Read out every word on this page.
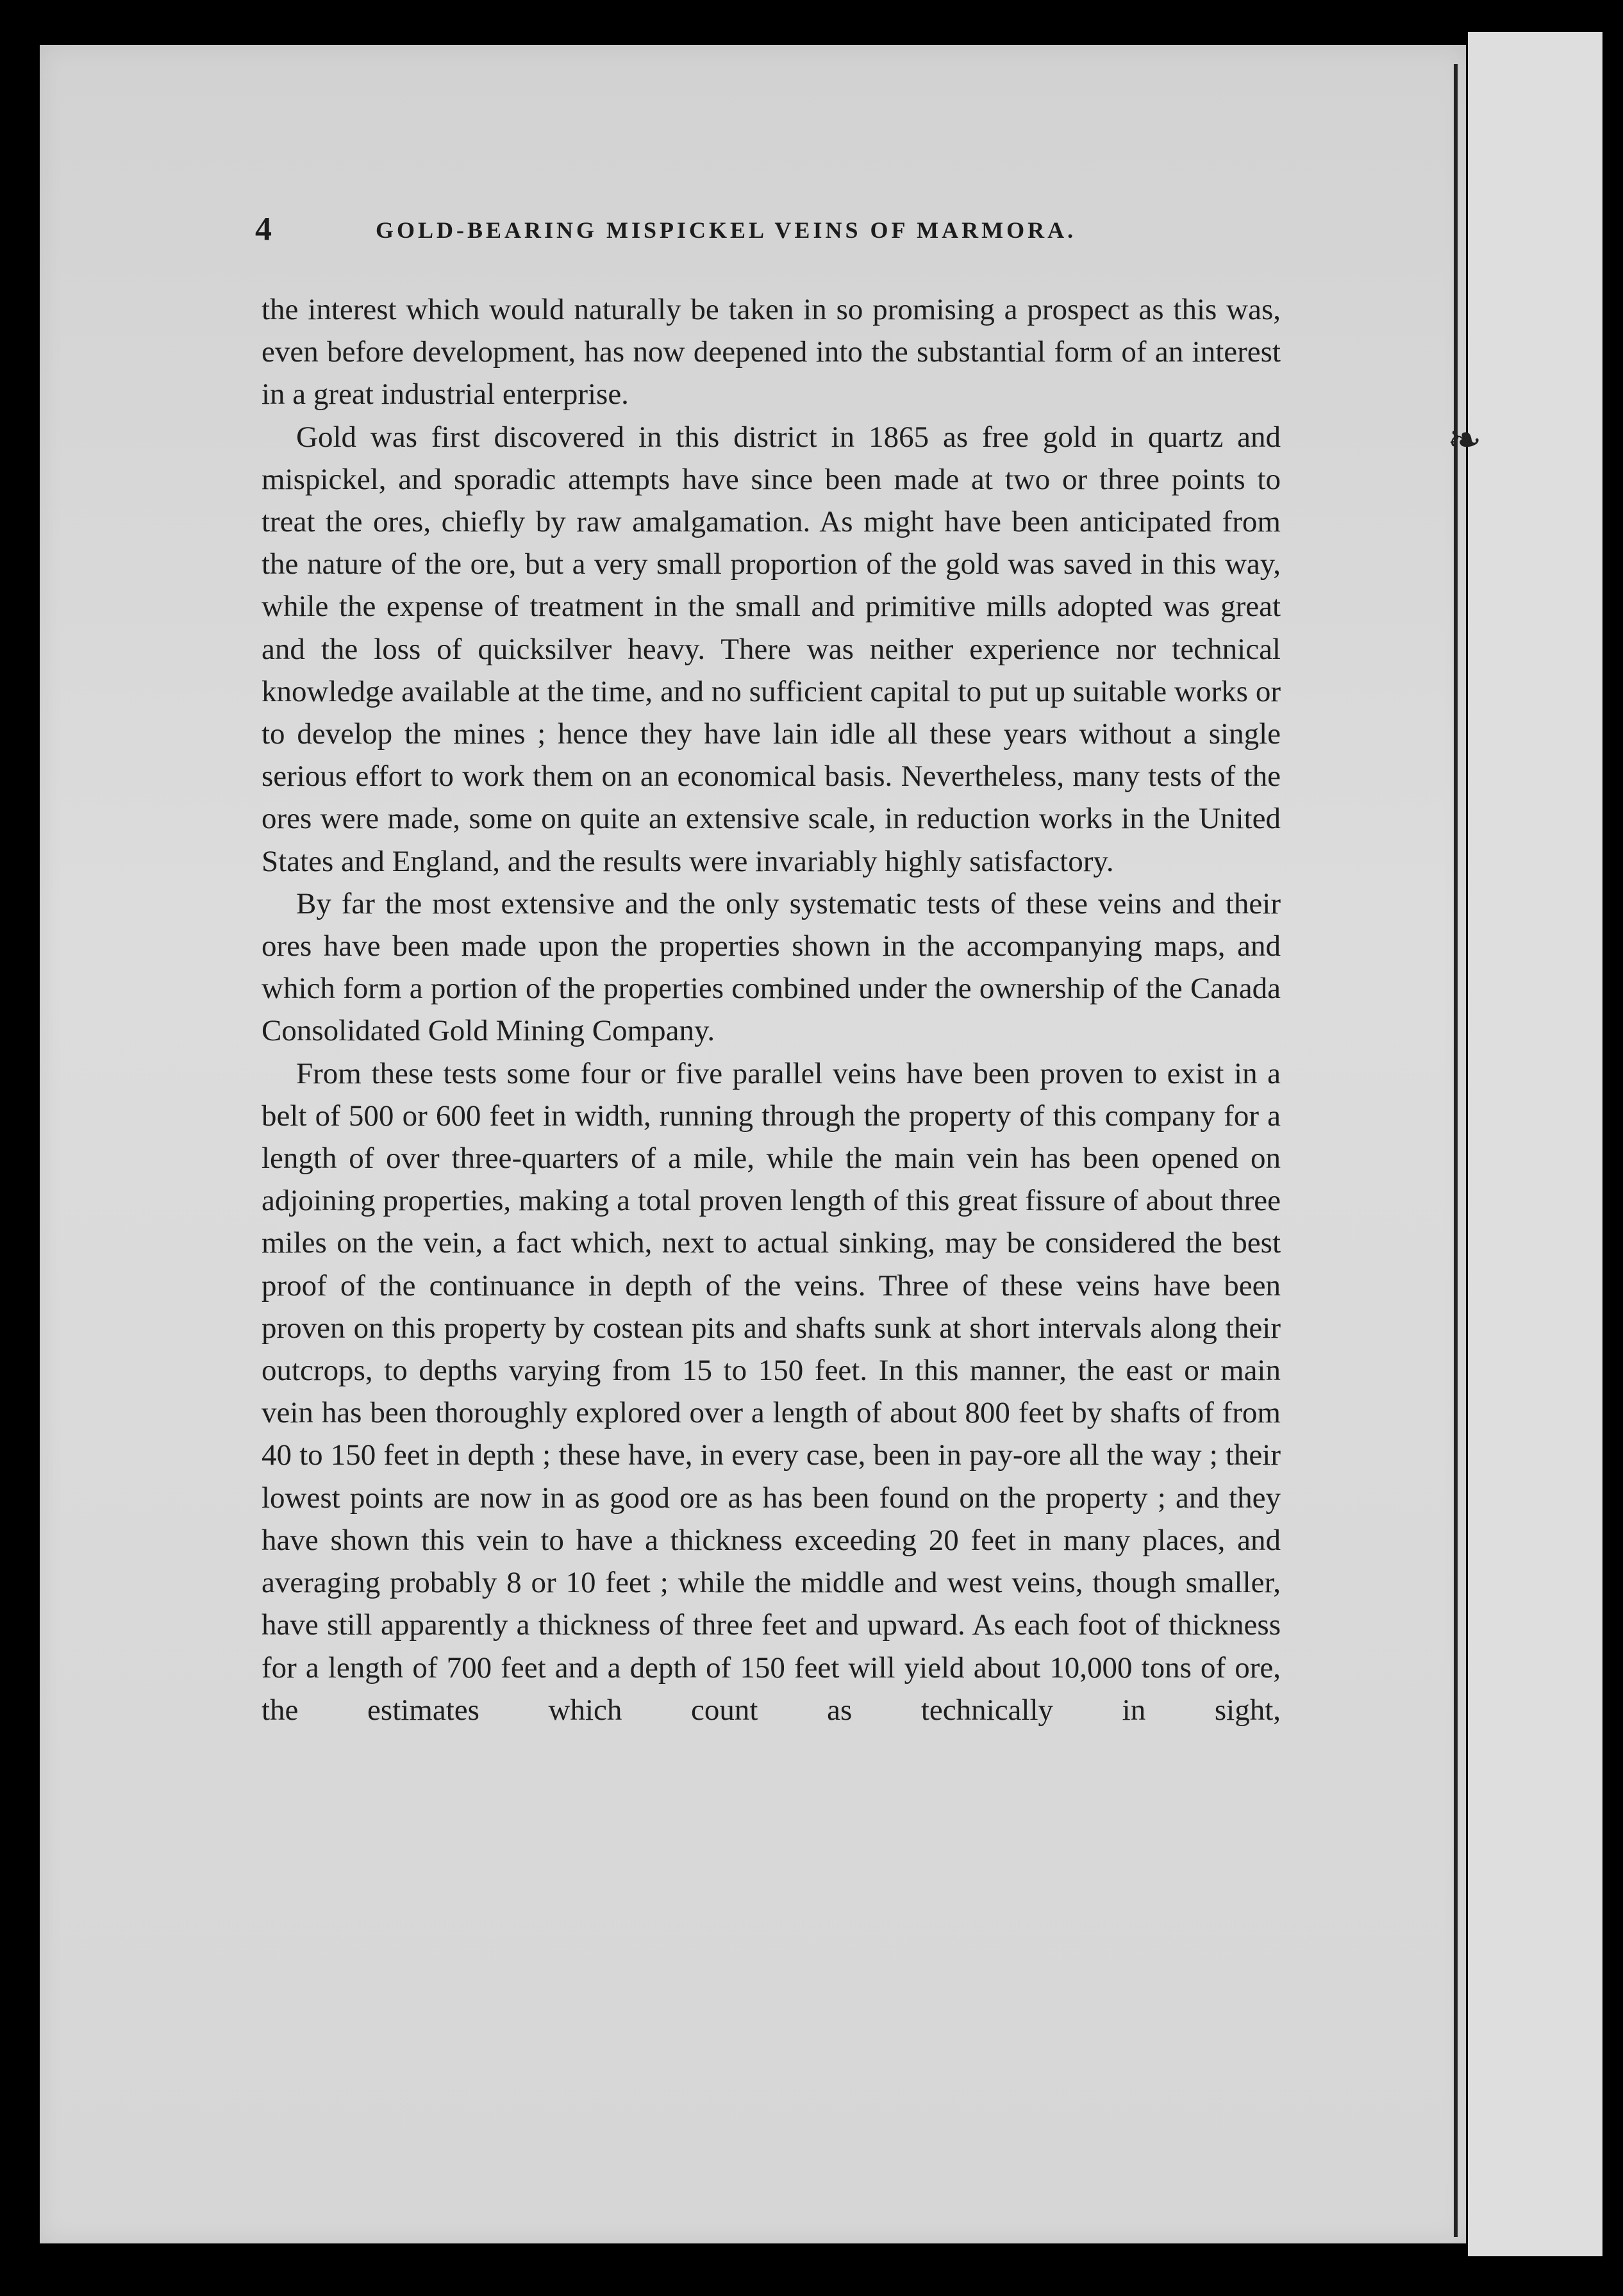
❧
4	GOLD-BEARING MISPICKEL VEINS OF MARMORA.

the interest which would naturally be taken in so promising a prospect as this was, even before development, has now deepened into the substantial form of an interest in a great industrial enterprise.

Gold was first discovered in this district in 1865 as free gold in quartz and mispickel, and sporadic attempts have since been made at two or three points to treat the ores, chiefly by raw amalgamation. As might have been anticipated from the nature of the ore, but a very small proportion of the gold was saved in this way, while the expense of treatment in the small and primitive mills adopted was great and the loss of quicksilver heavy. There was neither experience nor technical knowledge available at the time, and no sufficient capital to put up suitable works or to develop the mines ; hence they have lain idle all these years without a single serious effort to work them on an economical basis. Nevertheless, many tests of the ores were made, some on quite an extensive scale, in reduction works in the United States and England, and the results were invariably highly satisfactory.

By far the most extensive and the only systematic tests of these veins and their ores have been made upon the properties shown in the accompanying maps, and which form a portion of the properties combined under the ownership of the Canada Consolidated Gold Mining Company.

From these tests some four or five parallel veins have been proven to exist in a belt of 500 or 600 feet in width, running through the property of this company for a length of over three-quarters of a mile, while the main vein has been opened on adjoining properties, making a total proven length of this great fissure of about three miles on the vein, a fact which, next to actual sinking, may be considered the best proof of the continuance in depth of the veins. Three of these veins have been proven on this property by costean pits and shafts sunk at short intervals along their outcrops, to depths varying from 15 to 150 feet. In this manner, the east or main vein has been thoroughly explored over a length of about 800 feet by shafts of from 40 to 150 feet in depth ; these have, in every case, been in pay-ore all the way ; their lowest points are now in as good ore as has been found on the property ; and they have shown this vein to have a thickness exceeding 20 feet in many places, and averaging probably 8 or 10 feet ; while the middle and west veins, though smaller, have still apparently a thickness of three feet and upward. As each foot of thickness for a length of 700 feet and a depth of 150 feet will yield about 10,000 tons of ore, the estimates which count as technically in sight,
